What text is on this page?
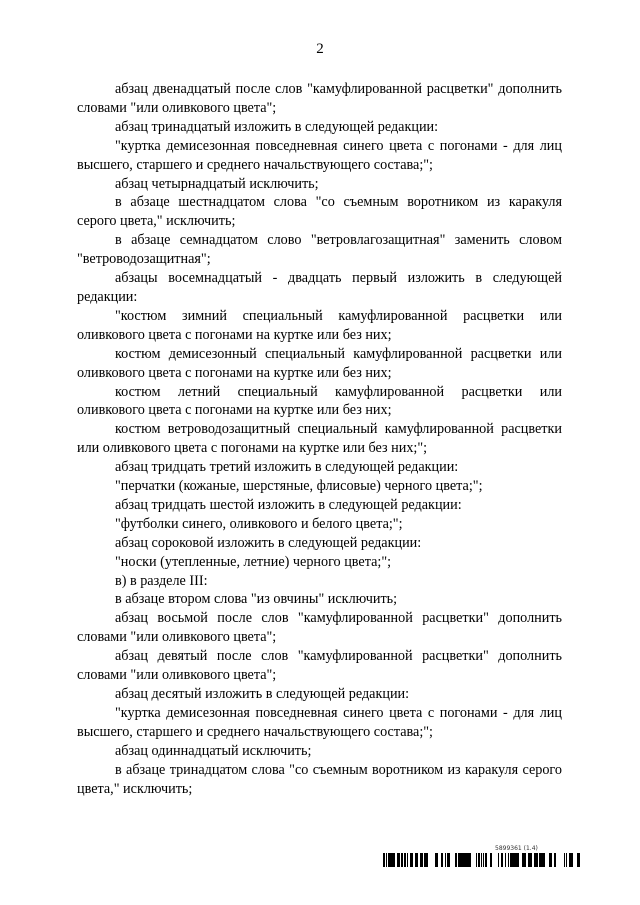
2

абзац двенадцатый после слов "камуфлированной расцветки" дополнить словами "или оливкового цвета";

абзац тринадцатый изложить в следующей редакции:

"куртка демисезонная повседневная синего цвета с погонами - для лиц высшего, старшего и среднего начальствующего состава;";

абзац четырнадцатый исключить;

в абзаце шестнадцатом слова "со съемным воротником из каракуля серого цвета," исключить;

в абзаце семнадцатом слово "ветровлагозащитная" заменить словом "ветроводозащитная";

абзацы восемнадцатый - двадцать первый изложить в следующей редакции:

"костюм зимний специальный камуфлированной расцветки или оливкового цвета с погонами на куртке или без них;

костюм демисезонный специальный камуфлированной расцветки или оливкового цвета с погонами на куртке или без них;

костюм летний специальный камуфлированной расцветки или оливкового цвета с погонами на куртке или без них;

костюм ветроводозащитный специальный камуфлированной расцветки или оливкового цвета с погонами на куртке или без них;";

абзац тридцать третий изложить в следующей редакции:

"перчатки (кожаные, шерстяные, флисовые) черного цвета;";

абзац тридцать шестой изложить в следующей редакции:

"футболки синего, оливкового и белого цвета;";

абзац сороковой изложить в следующей редакции:

"носки (утепленные, летние) черного цвета;";

в) в разделе III:

в абзаце втором слова "из овчины" исключить;

абзац восьмой после слов "камуфлированной расцветки" дополнить словами "или оливкового цвета";

абзац девятый после слов "камуфлированной расцветки" дополнить словами "или оливкового цвета";

абзац десятый изложить в следующей редакции:

"куртка демисезонная повседневная синего цвета с погонами - для лиц высшего, старшего и среднего начальствующего состава;";

абзац одиннадцатый исключить;

в абзаце тринадцатом слова "со съемным воротником из каракуля серого цвета," исключить;

5899361 (1.4)
